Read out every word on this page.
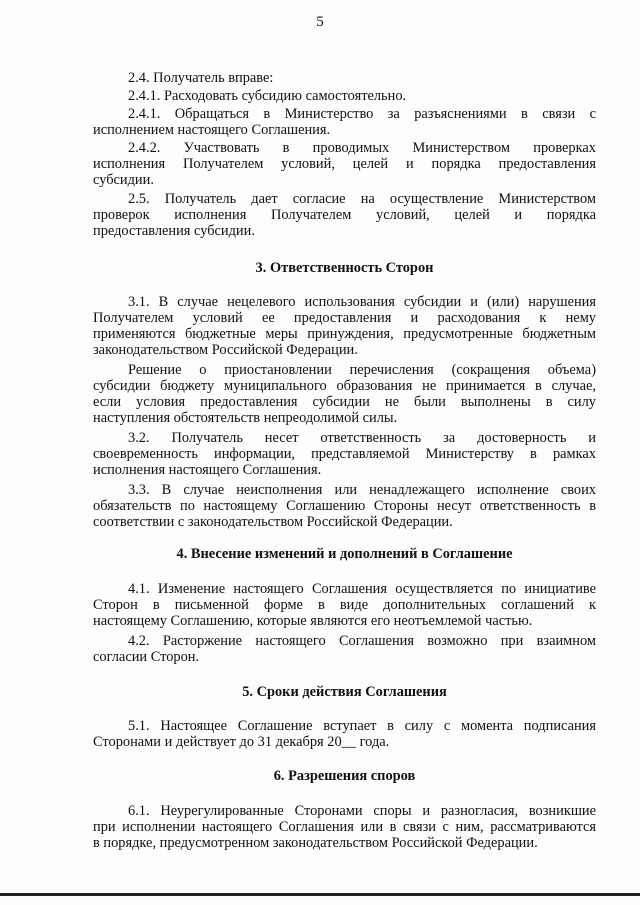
5
2.4. Получатель вправе:
2.4.1. Расходовать субсидию самостоятельно.
2.4.1. Обращаться в Министерство за разъяснениями в связи с
исполнением настоящего Соглашения.
2.4.2. Участвовать в проводимых Министерством проверках
исполнения Получателем условий, целей и порядка предоставления
субсидии.
2.5. Получатель дает согласие на осуществление Министерством
проверок исполнения Получателем условий, целей и порядка
предоставления субсидии.
3. Ответственность Сторон
3.1. В случае нецелевого использования субсидии и (или) нарушения
Получателем условий ее предоставления и расходования к нему
применяются бюджетные меры принуждения, предусмотренные бюджетным
законодательством Российской Федерации.
Решение о приостановлении перечисления (сокращения объема)
субсидии бюджету муниципального образования не принимается в случае,
если условия предоставления субсидии не были выполнены в силу
наступления обстоятельств непреодолимой силы.
3.2. Получатель несет ответственность за достоверность и
своевременность информации, представляемой Министерству в рамках
исполнения настоящего Соглашения.
3.3. В случае неисполнения или ненадлежащего исполнение своих
обязательств по настоящему Соглашению Стороны несут ответственность в
соответствии с законодательством Российской Федерации.
4. Внесение изменений и дополнений в Соглашение
4.1. Изменение настоящего Соглашения осуществляется по инициативе
Сторон в письменной форме в виде дополнительных соглашений к
настоящему Соглашению, которые являются его неотъемлемой частью.
4.2. Расторжение настоящего Соглашения возможно при взаимном
согласии Сторон.
5. Сроки действия Соглашения
5.1. Настоящее Соглашение вступает в силу с момента подписания
Сторонами и действует до 31 декабря 20__ года.
6. Разрешения споров
6.1. Неурегулированные Сторонами споры и разногласия, возникшие
при исполнении настоящего Соглашения или в связи с ним, рассматриваются
в порядке, предусмотренном законодательством Российской Федерации.
